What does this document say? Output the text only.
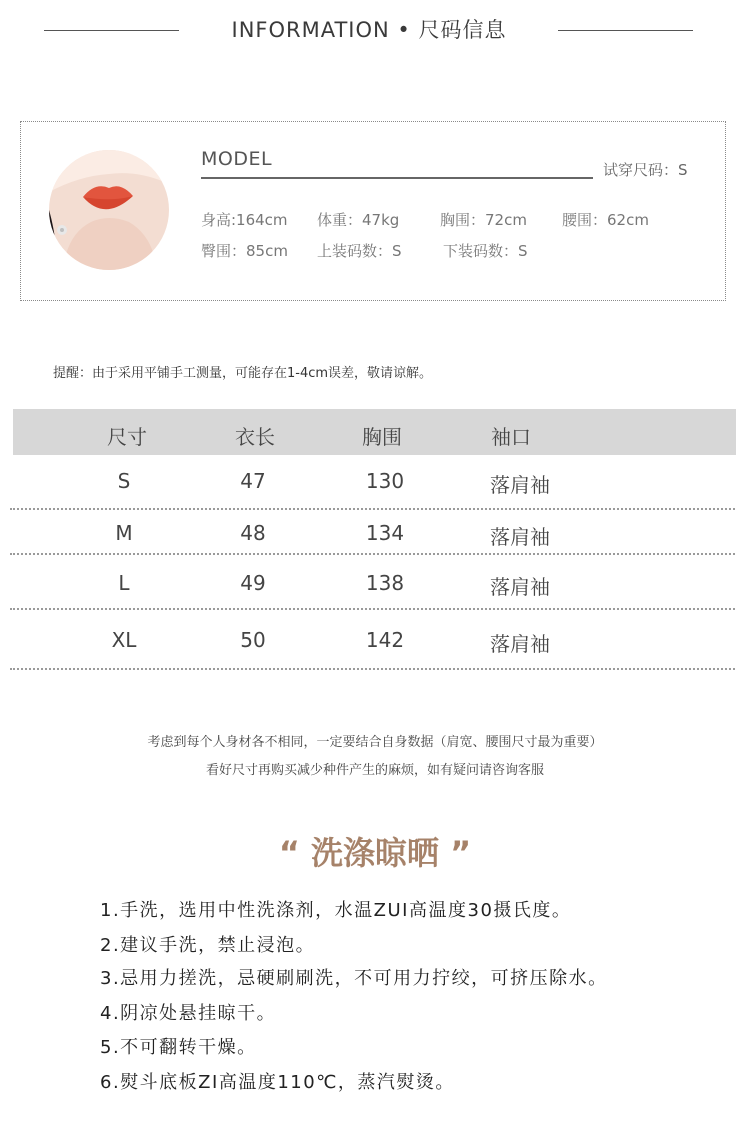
INFORMATION • 尺码信息
MODEL	试穿尺码：S
身高:164cm 体重：47kg	胸围：72cm 腰围：62cm
臀围：85cm 上装码数：S	下装码数：S
提醒：由于采用平铺手工测量，可能存在1-4cm误差，敬请谅解。
尺寸	衣长	胸围	袖口
S	47	130	落肩袖
M	48	134	落肩袖
L	49	138	落肩袖
XL	50	142	落肩袖
考虑到每个人身材各不相同，一定要结合自身数据（肩宽、腰围尺寸最为重要）
看好尺寸再购买减少种件产生的麻烦，如有疑问请咨询客服
“ 洗涤晾晒 ”
1.手洗，选用中性洗涤剂，水温ZUI高温度30摄氏度。
2.建议手洗，禁止浸泡。
3.忌用力搓洗，忌硬刷刷洗，不可用力拧绞，可挤压除水。
4.阴凉处悬挂晾干。
5.不可翻转干燥。
6.熨斗底板ZI高温度110℃，蒸汽熨烫。
